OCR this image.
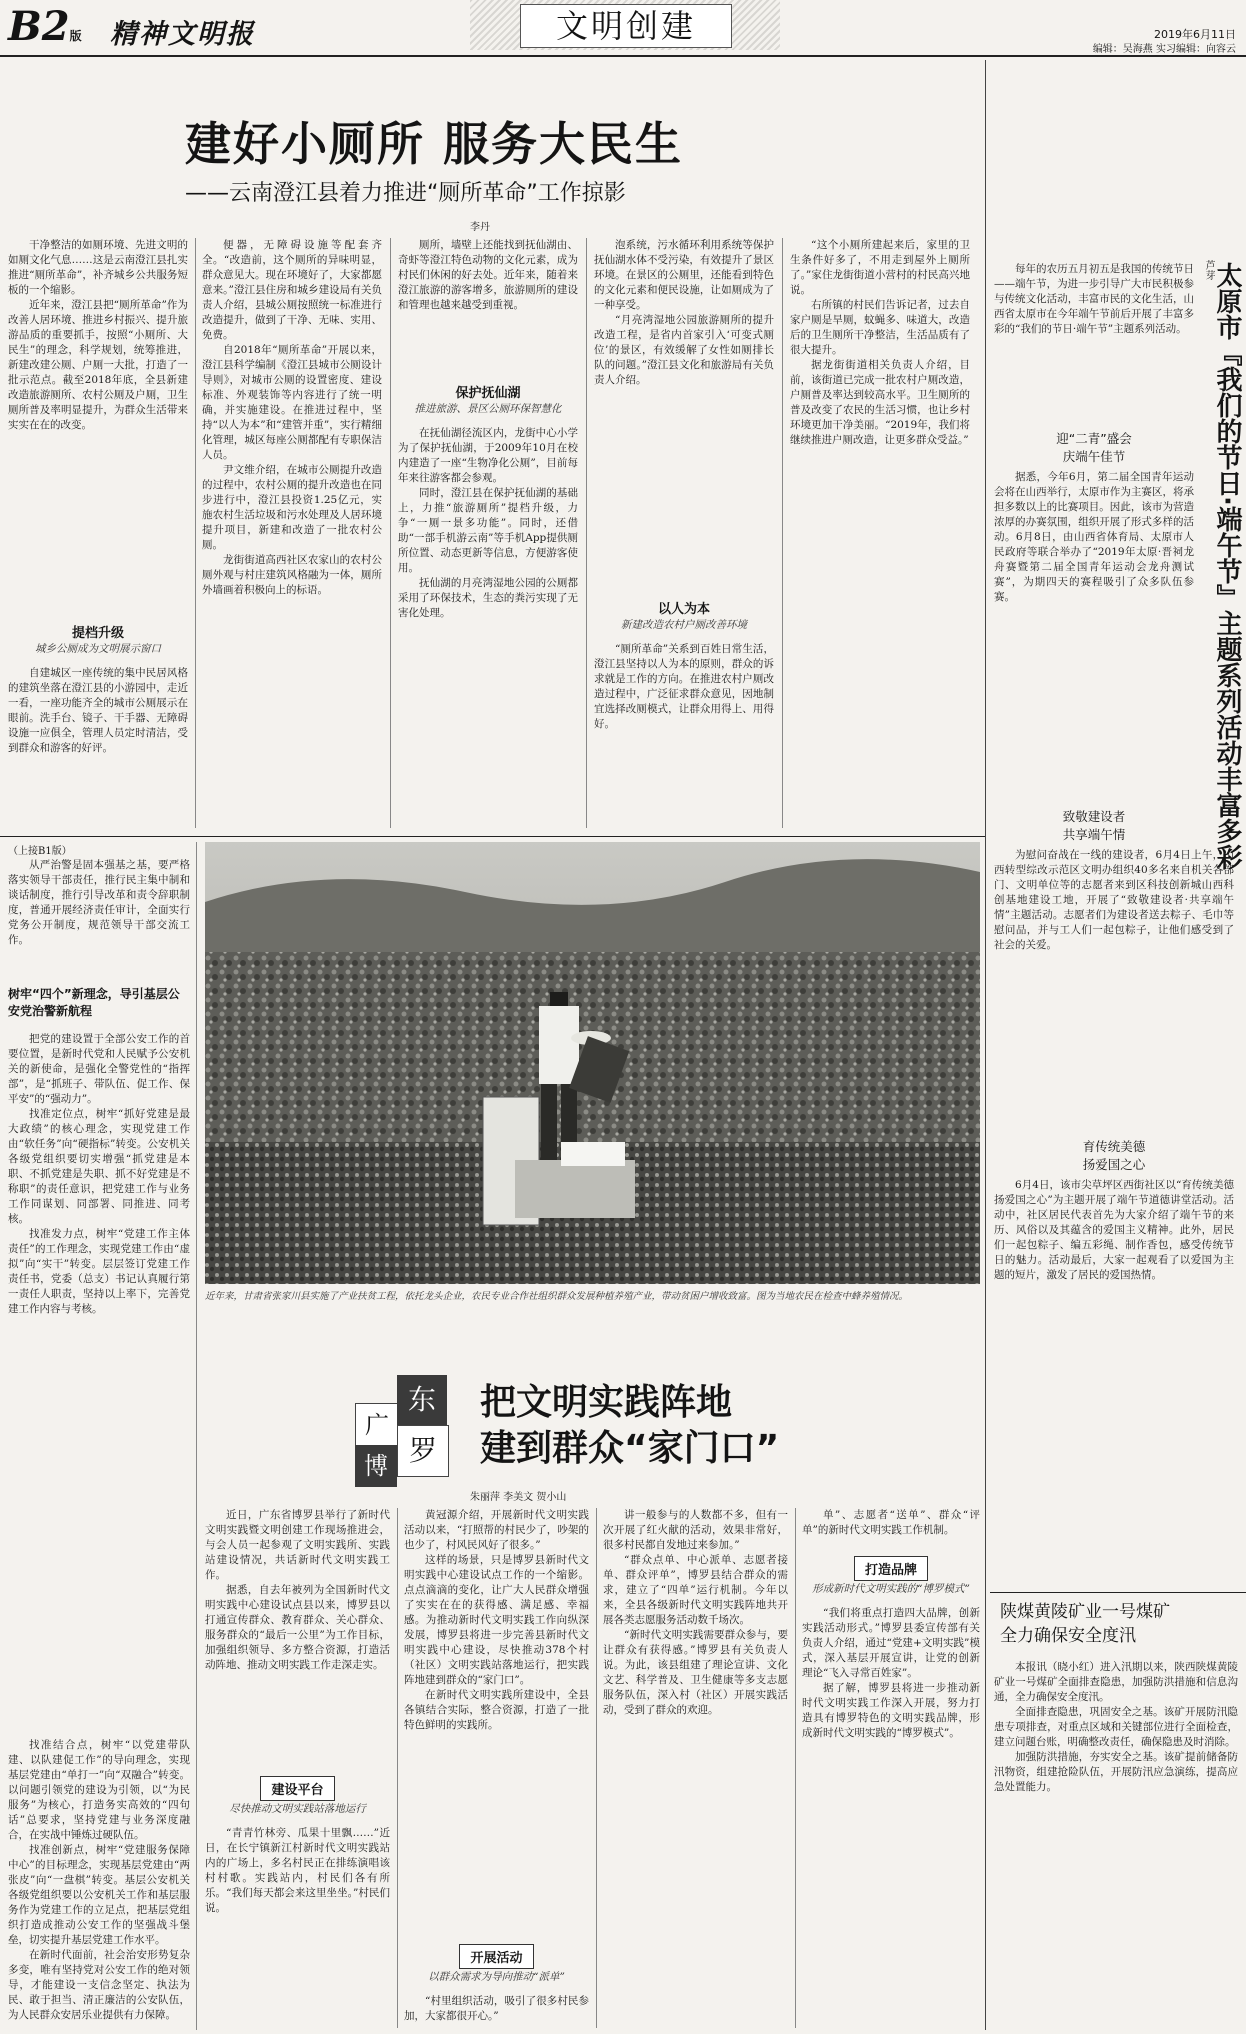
B2版 精神文明报	文明创建	2019年6月11日
编辑：吴海燕 实习编辑：向容云
建好小厕所 服务大民生
——云南澄江县着力推进“厕所革命”工作掠影
李丹

干净整洁的如厕环境、先进文明的如厕文化气息……这是云南澄江县扎实推进“厕所革命”，补齐城乡公共服务短板的一个缩影。

近年来，澄江县把“厕所革命”作为改善人居环境、推进乡村振兴、提升旅游品质的重要抓手，按照“小厕所、大民生”的理念，科学规划，统筹推进，新建改建公厕、户厕一大批，打造了一批示范点。截至2018年底，全县新建改造旅游厕所、农村公厕及户厕，卫生厕所普及率明显提升，为群众生活带来实实在在的改变。

提档升级
城乡公厕成为文明展示窗口

自建城区一座传统的集中民居风格的建筑坐落在澄江县的小游园中，走近一看，一座功能齐全的城市公厕展示在眼前。洗手台、镜子、干手器、无障碍设施一应俱全，管理人员定时清洁，受到群众和游客的好评。

便器，无障碍设施等配套齐全。“改造前，这个厕所的异味明显，群众意见大。现在环境好了，大家都愿意来。”澄江县住房和城乡建设局有关负责人介绍，县城公厕按照统一标准进行改造提升，做到了干净、无味、实用、免费。

自2018年“厕所革命”开展以来，澄江县科学编制《澄江县城市公厕设计导则》，对城市公厕的设置密度、建设标准、外观装饰等内容进行了统一明确，并实施建设。在推进过程中，坚持“以人为本”和“建管并重”，实行精细化管理，城区每座公厕都配有专职保洁人员。

尹文维介绍，在城市公厕提升改造的过程中，农村公厕的提升改造也在同步进行中，澄江县投资1.25亿元，实施农村生活垃圾和污水处理及人居环境提升项目，新建和改造了一批农村公厕。

龙街街道高西社区农家山的农村公厕外观与村庄建筑风格融为一体，厕所外墙画着积极向上的标语。

保护抚仙湖
推进旅游、景区公厕环保智慧化

厕所，墙壁上还能找到抚仙湖由、奇虾等澄江特色动物的文化元素，成为村民们休闲的好去处。近年来，随着来澄江旅游的游客增多，旅游厕所的建设和管理也越来越受到重视。

在抚仙湖径流区内，龙街中心小学为了保护抚仙湖，于2009年10月在校内建造了一座“生物净化公厕”，目前每年来往游客都会参观。

同时，澄江县在保护抚仙湖的基础上，力推“旅游厕所”提档升级，力争“一厕一景多功能”。同时，还借助“一部手机游云南”等手机App提供厕所位置、动态更新等信息，方便游客使用。

抚仙湖的月亮湾湿地公园的公厕都采用了环保技术，生态的粪污实现了无害化处理。

泡系统，污水循环利用系统等保护抚仙湖水体不受污染，有效提升了景区环境。在景区的公厕里，还能看到特色的文化元素和便民设施，让如厕成为了一种享受。

“月亮湾湿地公园旅游厕所的提升改造工程，是省内首家引入‘可变式厕位’的景区，有效缓解了女性如厕排长队的问题。”澄江县文化和旅游局有关负责人介绍。

以人为本
新建改造农村户厕改善环境

“厕所革命”关系到百姓日常生活，澄江县坚持以人为本的原则，群众的诉求就是工作的方向。在推进农村户厕改造过程中，广泛征求群众意见，因地制宜选择改厕模式，让群众用得上、用得好。

“这个小厕所建起来后，家里的卫生条件好多了，不用走到屋外上厕所了。”家住龙街街道小营村的村民高兴地说。

右所镇的村民们告诉记者，过去自家户厕是旱厕，蚊蝇多、味道大，改造后的卫生厕所干净整洁，生活品质有了很大提升。

据龙街街道相关负责人介绍，目前，该街道已完成一批农村户厕改造，户厕普及率达到较高水平。卫生厕所的普及改变了农民的生活习惯，也让乡村环境更加干净美丽。“2019年，我们将继续推进户厕改造，让更多群众受益。”

芦芽
太原市『我们的节日·端午节』主题系列活动丰富多彩

每年的农历五月初五是我国的传统节日——端午节，为进一步引导广大市民积极参与传统文化活动，丰富市民的文化生活，山西省太原市在今年端午节前后开展了丰富多彩的“我们的节日·端午节”主题系列活动。

迎“二青”盛会
庆端午佳节

据悉，今年6月，第二届全国青年运动会将在山西举行，太原市作为主赛区，将承担多数以上的比赛项目。因此，该市为营造浓厚的办赛氛围，组织开展了形式多样的活动。6月8日，由山西省体育局、太原市人民政府等联合举办了“2019年太原·晋祠龙舟赛暨第二届全国青年运动会龙舟测试赛”，为期四天的赛程吸引了众多队伍参赛。

致敬建设者
共享端午情

为慰问奋战在一线的建设者，6月4日上午，山西转型综改示范区文明办组织40多名来自机关各部门、文明单位等的志愿者来到区科技创新城山西科创基地建设工地，开展了“致敬建设者·共享端午情”主题活动。志愿者们为建设者送去粽子、毛巾等慰问品，并与工人们一起包粽子，让他们感受到了社会的关爱。

育传统美德
扬爱国之心

6月4日，该市尖草坪区西街社区以“育传统美德 扬爱国之心”为主题开展了端午节道德讲堂活动。活动中，社区居民代表首先为大家介绍了端午节的来历、风俗以及其蕴含的爱国主义精神。此外，居民们一起包粽子、编五彩绳、制作香包，感受传统节日的魅力。活动最后，大家一起观看了以爱国为主题的短片，激发了居民的爱国热情。

陕煤黄陵矿业一号煤矿
全力确保安全度汛

本报讯（晓小红）进入汛期以来，陕西陕煤黄陵矿业一号煤矿全面排查隐患，加强防洪措施和信息沟通，全力确保安全度汛。

全面排查隐患，巩固安全之基。该矿开展防汛隐患专项排查，对重点区域和关键部位进行全面检查，建立问题台账，明确整改责任，确保隐患及时消除。

加强防洪措施，夯实安全之基。该矿提前储备防汛物资，组建抢险队伍，开展防汛应急演练，提高应急处置能力。

（上接B1版）

从严治警是固本强基之基，要严格落实领导干部责任，推行民主集中制和谈话制度，推行引导改革和责令辞职制度，普通开展经济责任审计，全面实行党务公开制度，规范领导干部交流工作。

树牢“四个”新理念，导引基层公安党治警新航程

把党的建设置于全部公安工作的首要位置，是新时代党和人民赋予公安机关的新使命，是强化全警党性的“指挥部”，是“抓班子、带队伍、促工作、保平安”的“强动力”。

找准定位点，树牢“抓好党建是最大政绩”的核心理念，实现党建工作由“软任务”向“硬指标”转变。公安机关各级党组织要切实增强“抓党建是本职、不抓党建是失职、抓不好党建是不称职”的责任意识，把党建工作与业务工作同谋划、同部署、同推进、同考核。

找准发力点，树牢“党建工作主体责任”的工作理念，实现党建工作由“虚拟”向“实干”转变。层层签订党建工作责任书，党委（总支）书记认真履行第一责任人职责，坚持以上率下，完善党建工作内容与考核。

找准结合点，树牢“以党建带队建、以队建促工作”的导向理念，实现基层党建由“单打一”向“双融合”转变。以问题引领党的建设为引领，以“为民服务”为核心，打造务实高效的“四句话”总要求，坚持党建与业务深度融合，在实战中锤炼过硬队伍。

找准创新点，树牢“党建服务保障中心”的目标理念，实现基层党建由“两张皮”向“一盘棋”转变。基层公安机关各级党组织要以公安机关工作和基层服务作为党建工作的立足点，把基层党组织打造成推动公安工作的坚强战斗堡垒，切实提升基层党建工作水平。

在新时代面前，社会治安形势复杂多变，唯有坚持党对公安工作的绝对领导，才能建设一支信念坚定、执法为民、敢于担当、清正廉洁的公安队伍，为人民群众安居乐业提供有力保障。

近年来，甘肃省张家川县实施了产业扶贫工程，依托龙头企业，农民专业合作社组织群众发展种植养殖产业，带动贫困户增收致富。图为当地农民在检查中蜂养殖情况。
广
东
博 罗
把文明实践阵地
建到群众“家门口”
朱丽萍 李美文 贺小山

近日，广东省博罗县举行了新时代文明实践暨文明创建工作现场推进会，与会人员一起参观了文明实践所、实践站建设情况，共话新时代文明实践工作。

据悉，自去年被列为全国新时代文明实践中心建设试点县以来，博罗县以打通宣传群众、教育群众、关心群众、服务群众的“最后一公里”为工作目标，加强组织领导、多方整合资源，打造活动阵地、推动文明实践工作走深走实。

建设平台
尽快推动文明实践站落地运行

“青青竹林旁、瓜果十里飘……”近日，在长宁镇新江村新时代文明实践站内的广场上，多名村民正在排练演唱该村村歌。实践站内，村民们各有所乐。“我们每天都会来这里坐坐。”村民们说。

黄冠源介绍，开展新时代文明实践活动以来，“打照帮的村民少了，吵架的也少了，村风民风好了很多。”

这样的场景，只是博罗县新时代文明实践中心建设试点工作的一个缩影。点点滴滴的变化，让广大人民群众增强了实实在在的获得感、满足感、幸福感。为推动新时代文明实践工作向纵深发展，博罗县将进一步完善县新时代文明实践中心建设，尽快推动378个村（社区）文明实践站落地运行，把实践阵地建到群众的“家门口”。

在新时代文明实践所建设中，全县各镇结合实际，整合资源，打造了一批特色鲜明的实践所。

开展活动
以群众需求为导向推动“派单”

“村里组织活动，吸引了很多村民参加，大家都很开心。”

讲一般参与的人数都不多，但有一次开展了红火献的活动，效果非常好，很多村民都自发地过来参加。”

“群众点单、中心派单、志愿者接单、群众评单”，博罗县结合群众的需求，建立了“四单”运行机制。今年以来，全县各级新时代文明实践阵地共开展各类志愿服务活动数千场次。

“新时代文明实践需要群众参与，要让群众有获得感。”博罗县有关负责人说。为此，该县组建了理论宣讲、文化文艺、科学普及、卫生健康等多支志愿服务队伍，深入村（社区）开展实践活动，受到了群众的欢迎。

单”、志愿者“送单”、群众“评单”的新时代文明实践工作机制。

打造品牌
形成新时代文明实践的“博罗模式”

“我们将重点打造四大品牌，创新实践活动形式。”博罗县委宣传部有关负责人介绍，通过“党建+文明实践”模式，深入基层开展宣讲，让党的创新理论“飞入寻常百姓家”。

据了解，博罗县将进一步推动新时代文明实践工作深入开展，努力打造具有博罗特色的文明实践品牌，形成新时代文明实践的“博罗模式”。
